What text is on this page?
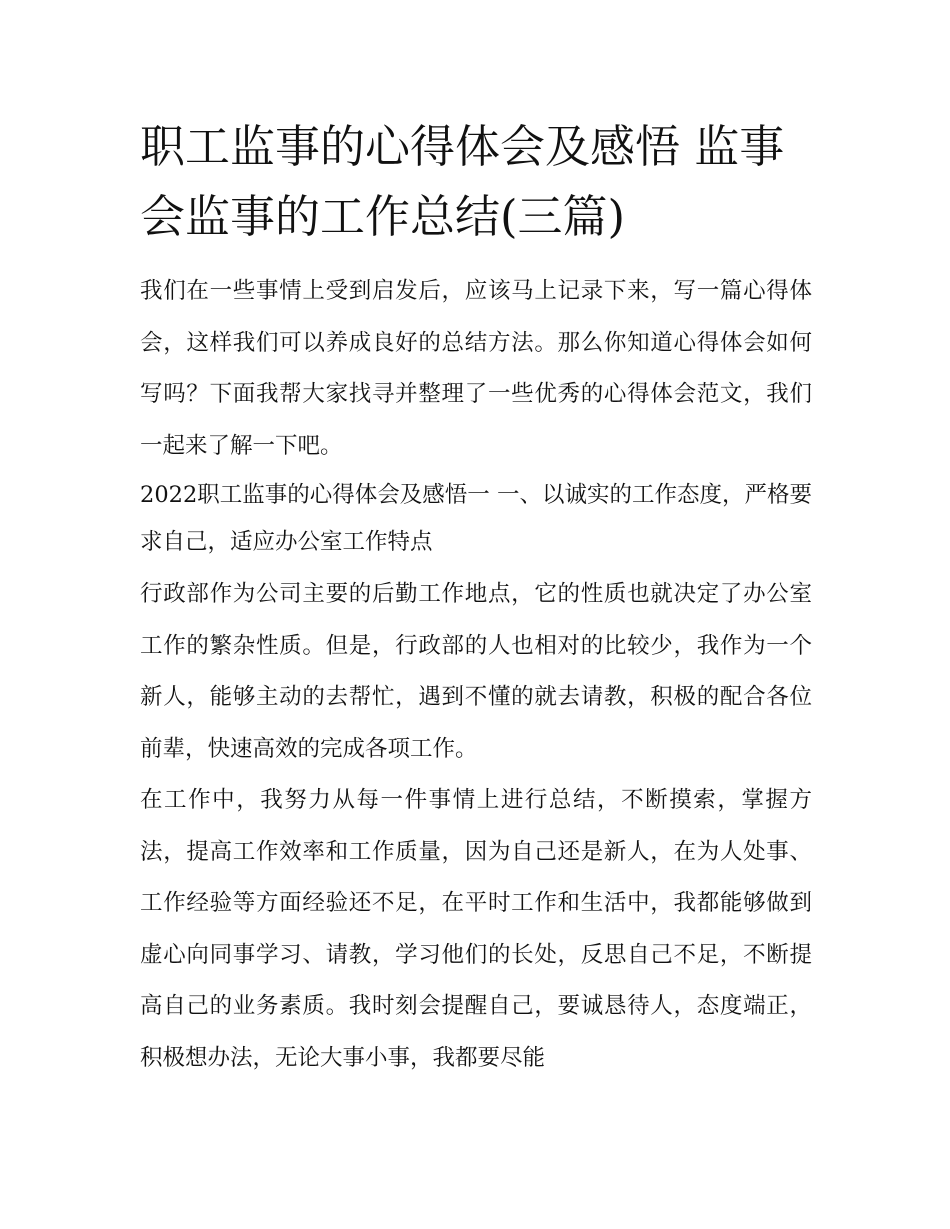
职工监事的心得体会及感悟 监事会监事的工作总结(三篇)

我们在一些事情上受到启发后，应该马上记录下来，写一篇心得体会，这样我们可以养成良好的总结方法。那么你知道心得体会如何写吗？下面我帮大家找寻并整理了一些优秀的心得体会范文，我们一起来了解一下吧。

2022职工监事的心得体会及感悟一 一、以诚实的工作态度，严格要求自己，适应办公室工作特点

行政部作为公司主要的后勤工作地点，它的性质也就决定了办公室工作的繁杂性质。但是，行政部的人也相对的比较少，我作为一个新人，能够主动的去帮忙，遇到不懂的就去请教，积极的配合各位前辈，快速高效的完成各项工作。

在工作中，我努力从每一件事情上进行总结，不断摸索，掌握方法，提高工作效率和工作质量，因为自己还是新人，在为人处事、工作经验等方面经验还不足，在平时工作和生活中，我都能够做到虚心向同事学习、请教，学习他们的长处，反思自己不足，不断提高自己的业务素质。我时刻会提醒自己，要诚恳待人，态度端正，积极想办法，无论大事小事，我都要尽能
